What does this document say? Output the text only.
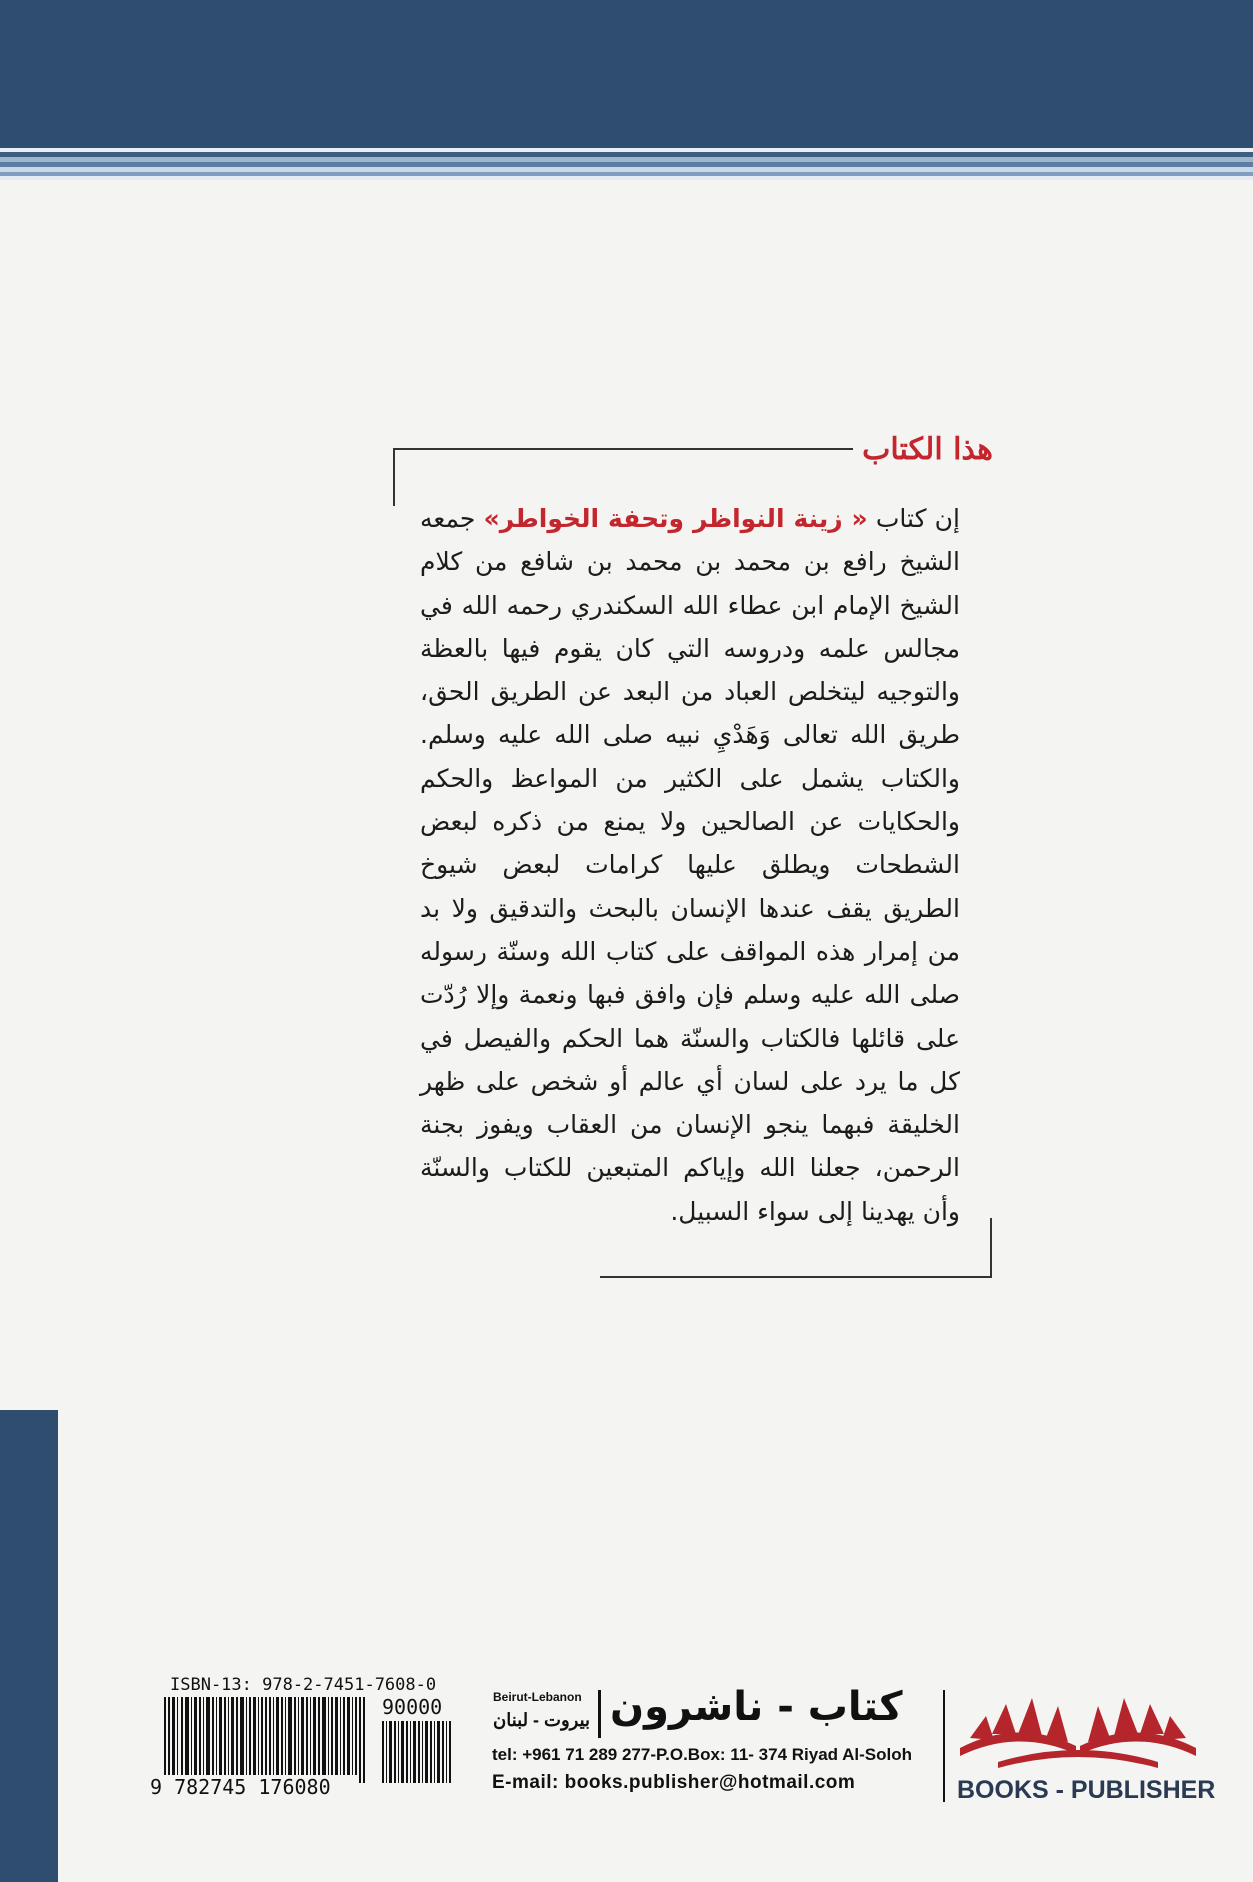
هذا الكتاب
إن كتاب « زينة النواظر وتحفة الخواطر» جمعه الشيخ رافع بن محمد بن محمد بن شافع من كلام الشيخ الإمام ابن عطاء الله السكندري رحمه الله في مجالس علمه ودروسه التي كان يقوم فيها بالعظة والتوجيه ليتخلص العباد من البعد عن الطريق الحق، طريق الله تعالى وَهَدْيِ نبيه صلى الله عليه وسلم. والكتاب يشمل على الكثير من المواعظ والحكم والحكايات عن الصالحين ولا يمنع من ذكره لبعض الشطحات ويطلق عليها كرامات لبعض شيوخ الطريق يقف عندها الإنسان بالبحث والتدقيق ولا بد من إمرار هذه المواقف على كتاب الله وسنّة رسوله صلى الله عليه وسلم فإن وافق فبها ونعمة وإلا رُدّت على قائلها فالكتاب والسنّة هما الحكم والفيصل في كل ما يرد على لسان أي عالم أو شخص على ظهر الخليقة فبهما ينجو الإنسان من العقاب ويفوز بجنة الرحمن، جعلنا الله وإياكم المتبعين للكتاب والسنّة وأن يهدينا إلى سواء السبيل.
ISBN-13: 978-2-7451-7608-0
90000
9 782745 176080
Beirut-Lebanon
بيروت - لبنان كتاب - ناشرون
tel: +961 71 289 277-P.O.Box: 11- 374 Riyad Al-Soloh
E-mail: books.publisher@hotmail.com	BOOKS - PUBLISHER
